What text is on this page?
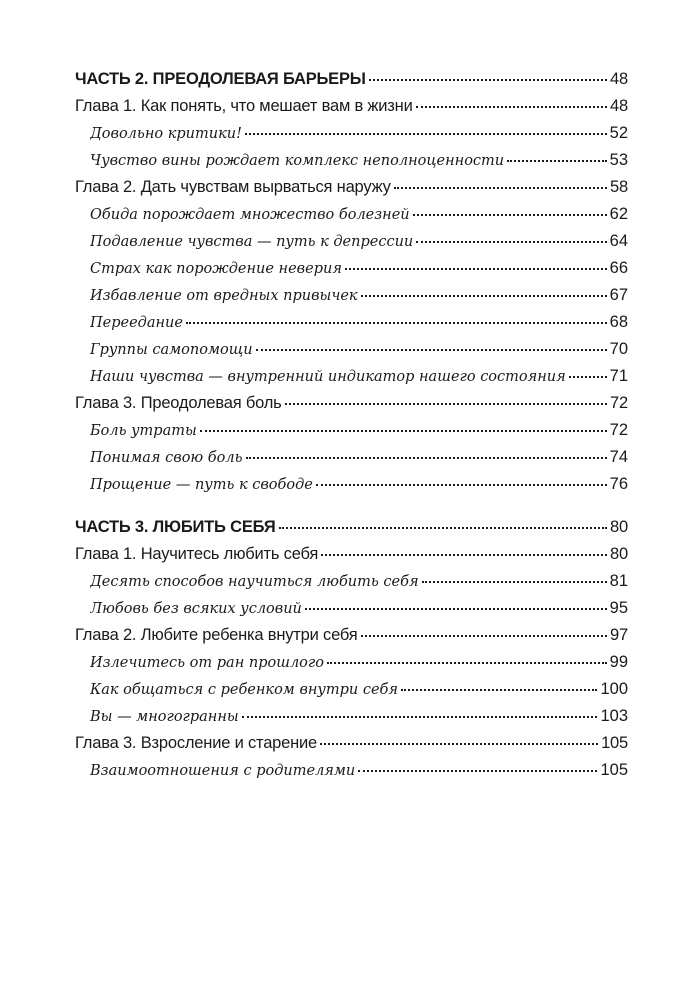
ЧАСТЬ 2. ПРЕОДОЛЕВАЯ БАРЬЕРЫ	48
Глава 1. Как понять, что мешает вам в жизни	48
Довольно критики!	52
Чувство вины рождает комплекс неполноценности	53
Глава 2. Дать чувствам вырваться наружу	58
Обида порождает множество болезней	62
Подавление чувства — путь к депрессии	64
Страх как порождение неверия	66
Избавление от вредных привычек	67
Переедание	68
Группы самопомощи	70
Наши чувства — внутренний индикатор нашего состояния	71
Глава 3. Преодолевая боль	72
Боль утраты	72
Понимая свою боль	74
Прощение — путь к свободе	76
ЧАСТЬ 3. ЛЮБИТЬ СЕБЯ	80
Глава 1. Научитесь любить себя	80
Десять способов научиться любить себя	81
Любовь без всяких условий	95
Глава 2. Любите ребенка внутри себя	97
Излечитесь от ран прошлого	99
Как общаться с ребенком внутри себя	100
Вы — многогранны	103
Глава 3. Взросление и старение	105
Взаимоотношения с родителями	105
